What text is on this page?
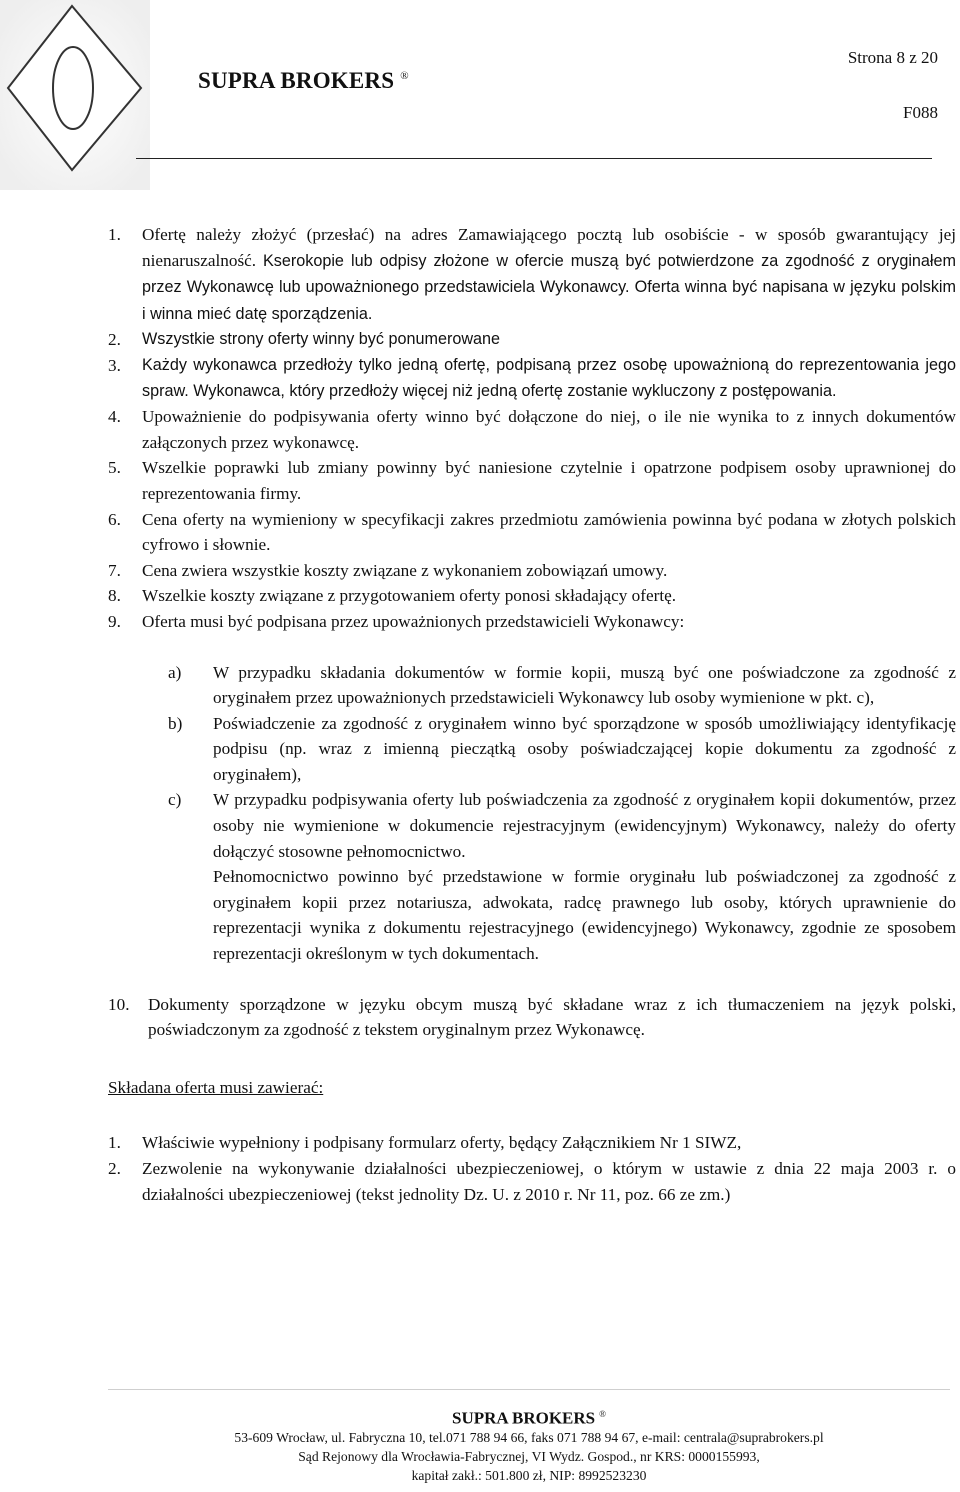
SUPRA BROKERS ®
Strona 8 z 20
F088
1.	Ofertę należy złożyć (przesłać) na adres Zamawiającego pocztą lub osobiście - w sposób gwarantujący jej nienaruszalność. Kserokopie lub odpisy złożone w ofercie muszą być potwierdzone za zgodność z oryginałem przez Wykonawcę lub upoważnionego przedstawiciela Wykonawcy. Oferta winna być napisana w języku polskim i winna mieć datę sporządzenia.
2.	Wszystkie strony oferty winny być ponumerowane
3.	Każdy wykonawca przedłoży tylko jedną ofertę, podpisaną przez osobę upoważnioną do reprezentowania jego spraw. Wykonawca, który przedłoży więcej niż jedną ofertę zostanie wykluczony z postępowania.
4.	Upoważnienie do podpisywania oferty winno być dołączone do niej, o ile nie wynika to z innych dokumentów załączonych przez wykonawcę.
5.	Wszelkie poprawki lub zmiany powinny być naniesione czytelnie i opatrzone podpisem osoby uprawnionej do reprezentowania firmy.
6.	Cena oferty na wymieniony w specyfikacji zakres przedmiotu zamówienia powinna być podana w złotych polskich cyfrowo i słownie.
7.	Cena zwiera wszystkie koszty związane z wykonaniem zobowiązań umowy.
8.	Wszelkie koszty związane z przygotowaniem oferty ponosi składający ofertę.
9.	Oferta musi być podpisana przez upoważnionych przedstawicieli Wykonawcy:
a)	W przypadku składania dokumentów w formie kopii, muszą być one poświadczone za zgodność z oryginałem przez upoważnionych przedstawicieli Wykonawcy lub osoby wymienione w pkt. c),
b)	Poświadczenie za zgodność z oryginałem winno być sporządzone w sposób umożliwiający identyfikację podpisu (np. wraz z imienną pieczątką osoby poświadczającej kopie dokumentu za zgodność z oryginałem),
c)	W przypadku podpisywania oferty lub poświadczenia za zgodność z oryginałem kopii dokumentów, przez osoby nie wymienione w dokumencie rejestracyjnym (ewidencyjnym) Wykonawcy, należy do oferty dołączyć stosowne pełnomocnictwo.
Pełnomocnictwo powinno być przedstawione w formie oryginału lub poświadczonej za zgodność z oryginałem kopii przez notariusza, adwokata, radcę prawnego lub osoby, których uprawnienie do reprezentacji wynika z dokumentu rejestracyjnego (ewidencyjnego) Wykonawcy, zgodnie ze sposobem reprezentacji określonym w tych dokumentach.
10.	Dokumenty sporządzone w języku obcym muszą być składane wraz z ich tłumaczeniem na język polski, poświadczonym za zgodność z tekstem oryginalnym przez Wykonawcę.
Składana oferta musi zawierać:
1.	Właściwie wypełniony i podpisany formularz oferty, będący Załącznikiem Nr 1 SIWZ,
2.	Zezwolenie na wykonywanie działalności ubezpieczeniowej, o którym w ustawie z dnia 22 maja 2003 r. o działalności ubezpieczeniowej (tekst jednolity Dz. U. z 2010 r. Nr 11, poz. 66 ze zm.)
SUPRA BROKERS ®
53-609 Wrocław, ul. Fabryczna 10, tel.071 788 94 66, faks 071 788 94 67, e-mail: centrala@suprabrokers.pl
Sąd Rejonowy dla Wrocławia-Fabrycznej, VI Wydz. Gospod., nr KRS: 0000155993,
kapitał zakł.: 501.800 zł, NIP: 8992523230
